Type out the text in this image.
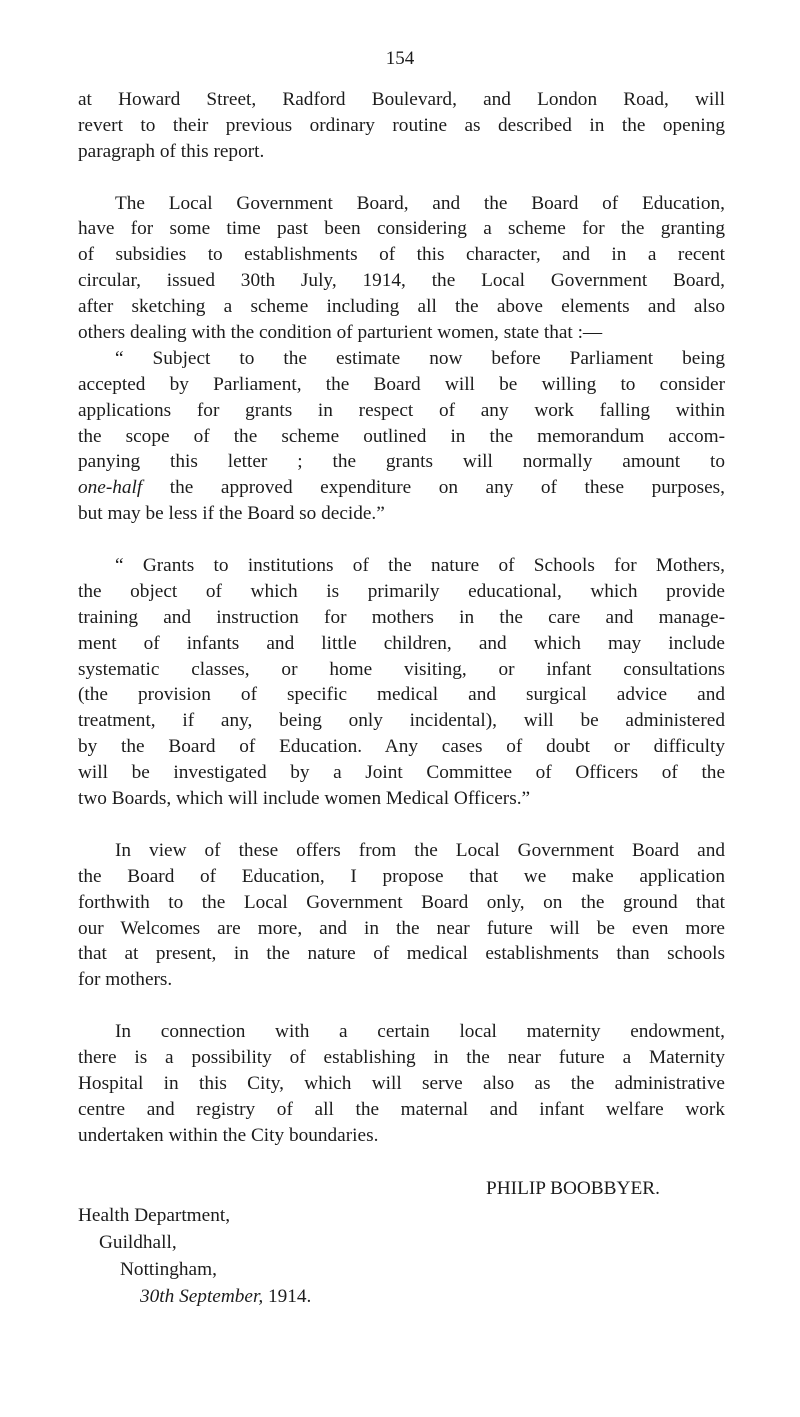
154
at Howard Street, Radford Boulevard, and London Road, will
revert to their previous ordinary routine as described in the opening
paragraph of this report.
The Local Government Board, and the Board of Education,
have for some time past been considering a scheme for the granting
of subsidies to establishments of this character, and in a recent
circular, issued 30th July, 1914, the Local Government Board,
after sketching a scheme including all the above elements and also
others dealing with the condition of parturient women, state that :—
“ Subject to the estimate now before Parliament being
accepted by Parliament, the Board will be willing to consider
applications for grants in respect of any work falling within
the scope of the scheme outlined in the memorandum accom-
panying this letter ; the grants will normally amount to
one-half the approved expenditure on any of these purposes,
but may be less if the Board so decide.”
“ Grants to institutions of the nature of Schools for Mothers,
the object of which is primarily educational, which provide
training and instruction for mothers in the care and manage-
ment of infants and little children, and which may include
systematic classes, or home visiting, or infant consultations
(the provision of specific medical and surgical advice and
treatment, if any, being only incidental), will be administered
by the Board of Education. Any cases of doubt or difficulty
will be investigated by a Joint Committee of Officers of the
two Boards, which will include women Medical Officers.”
In view of these offers from the Local Government Board and
the Board of Education, I propose that we make application
forthwith to the Local Government Board only, on the ground that
our Welcomes are more, and in the near future will be even more
that at present, in the nature of medical establishments than schools
for mothers.
In connection with a certain local maternity endowment,
there is a possibility of establishing in the near future a Maternity
Hospital in this City, which will serve also as the administrative
centre and registry of all the maternal and infant welfare work
undertaken within the City boundaries.
PHILIP BOOBBYER.
Health Department,
Guildhall,
Nottingham,
30th September, 1914.
